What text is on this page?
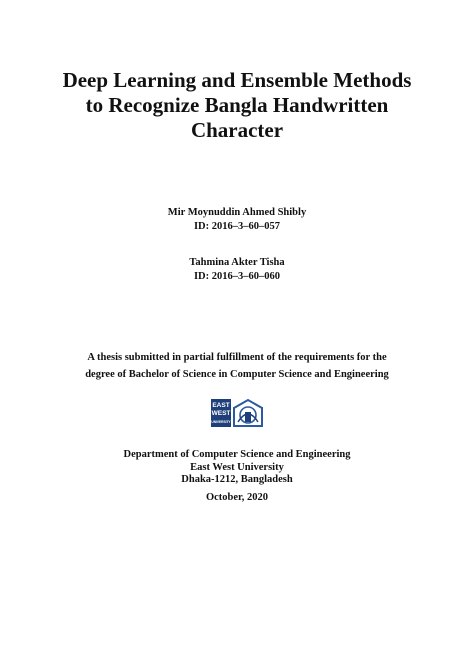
Deep Learning and Ensemble Methods
to Recognize Bangla Handwritten
Character
Mir Moynuddin Ahmed Shibly
ID: 2016–3–60–057
Tahmina Akter Tisha
ID: 2016–3–60–060
A thesis submitted in partial fulfillment of the requirements for the
degree of Bachelor of Science in Computer Science and Engineering
EAST
WEST
UNIVERSITY
Department of Computer Science and Engineering
East West University
Dhaka-1212, Bangladesh
October, 2020
